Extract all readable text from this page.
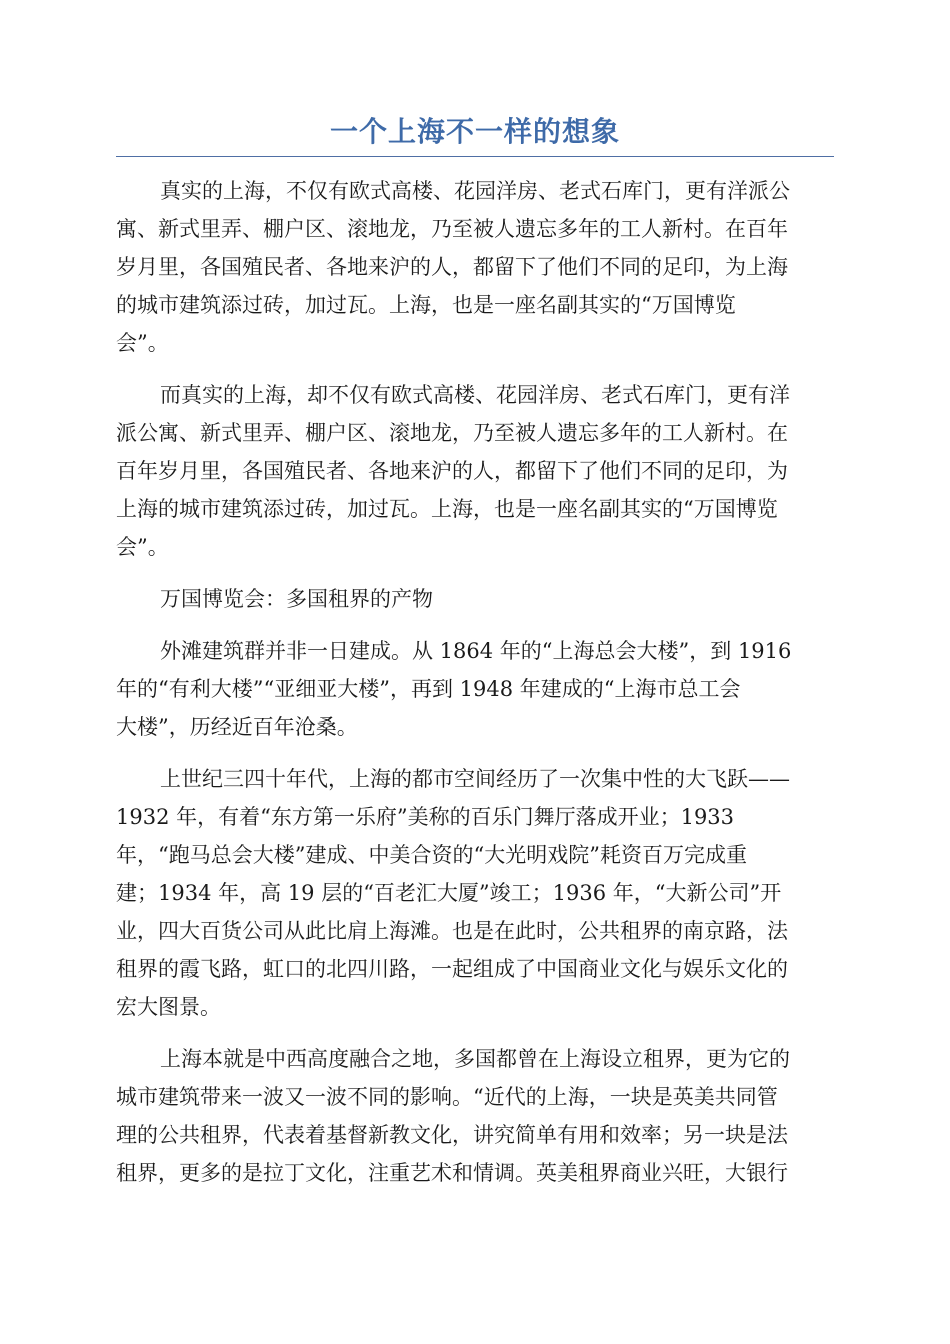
一个上海不一样的想象

真实的上海，不仅有欧式高楼、花园洋房、老式石库门，更有洋派公
寓、新式里弄、棚户区、滚地龙，乃至被人遗忘多年的工人新村。在百年
岁月里，各国殖民者、各地来沪的人，都留下了他们不同的足印，为上海
的城市建筑添过砖，加过瓦。上海，也是一座名副其实的“万国博览
会”。

而真实的上海，却不仅有欧式高楼、花园洋房、老式石库门，更有洋
派公寓、新式里弄、棚户区、滚地龙，乃至被人遗忘多年的工人新村。在
百年岁月里，各国殖民者、各地来沪的人，都留下了他们不同的足印，为
上海的城市建筑添过砖，加过瓦。上海，也是一座名副其实的“万国博览
会”。

万国博览会：多国租界的产物

外滩建筑群并非一日建成。从 1864 年的“上海总会大楼”，到 1916
年的“有利大楼”“亚细亚大楼”，再到 1948 年建成的“上海市总工会
大楼”，历经近百年沧桑。

上世纪三四十年代，上海的都市空间经历了一次集中性的大飞跃——
1932 年，有着“东方第一乐府”美称的百乐门舞厅落成开业；1933
年，“跑马总会大楼”建成、中美合资的“大光明戏院”耗资百万完成重
建；1934 年，高 19 层的“百老汇大厦”竣工；1936 年，“大新公司”开
业，四大百货公司从此比肩上海滩。也是在此时，公共租界的南京路，法
租界的霞飞路，虹口的北四川路，一起组成了中国商业文化与娱乐文化的
宏大图景。

上海本就是中西高度融合之地，多国都曾在上海设立租界，更为它的
城市建筑带来一波又一波不同的影响。“近代的上海，一块是英美共同管
理的公共租界，代表着基督新教文化，讲究简单有用和效率；另一块是法
租界，更多的是拉丁文化，注重艺术和情调。英美租界商业兴旺，大银行
